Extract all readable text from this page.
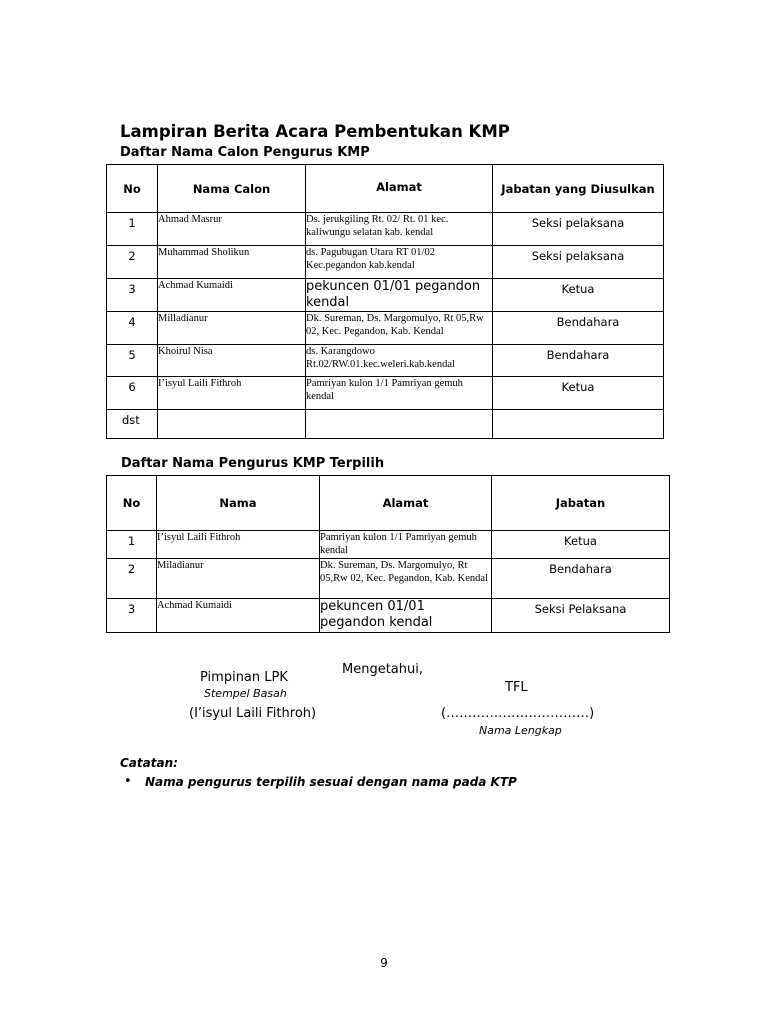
Lampiran Berita Acara Pembentukan KMP
Daftar Nama Calon Pengurus KMP
No	Nama Calon	Alamat	Jabatan yang Diusulkan
1	Ahmad Masrur	Ds. jerukgiling Rt. 02/ Rt. 01 kec. kaliwungu selatan kab. kendal	Seksi pelaksana
2	Muhammad Sholikun	ds. Pagubugan Utara RT 01/02 Kec.pegandon kab.kendal	Seksi pelaksana
3	Achmad Kumaidi	pekuncen 01/01 pegandon kendal	Ketua
4	Milladianur	Dk. Sureman, Ds. Margomulyo, Rt 05,Rw 02, Kec. Pegandon, Kab. Kendal	Bendahara
5	Khoirul Nisa	ds. Karangdowo Rt.02/RW.01.kec.weleri.kab.kendal	Bendahara
6	I’isyul Laili Fithroh	Pamriyan kulon 1/1 Pamriyan gemuh kendal	Ketua
dst			
Daftar Nama Pengurus KMP Terpilih
No	Nama	Alamat	Jabatan
1	I’isyul Laili Fithroh	Pamriyan kulon 1/1 Pamriyan gemuh kendal	Ketua
2	Miladianur	Dk. Sureman, Ds. Margomulyo, Rt 05,Rw 02, Kec. Pegandon, Kab. Kendal	Bendahara
3	Achmad Kumaidi	pekuncen 01/01 pegandon kendal	Seksi Pelaksana
Mengetahui,
Pimpinan LPK
Stempel Basah
(I’isyul Laili Fithroh)
TFL
(……………………………)
Nama Lengkap
Catatan:
• Nama pengurus terpilih sesuai dengan nama pada KTP
9
